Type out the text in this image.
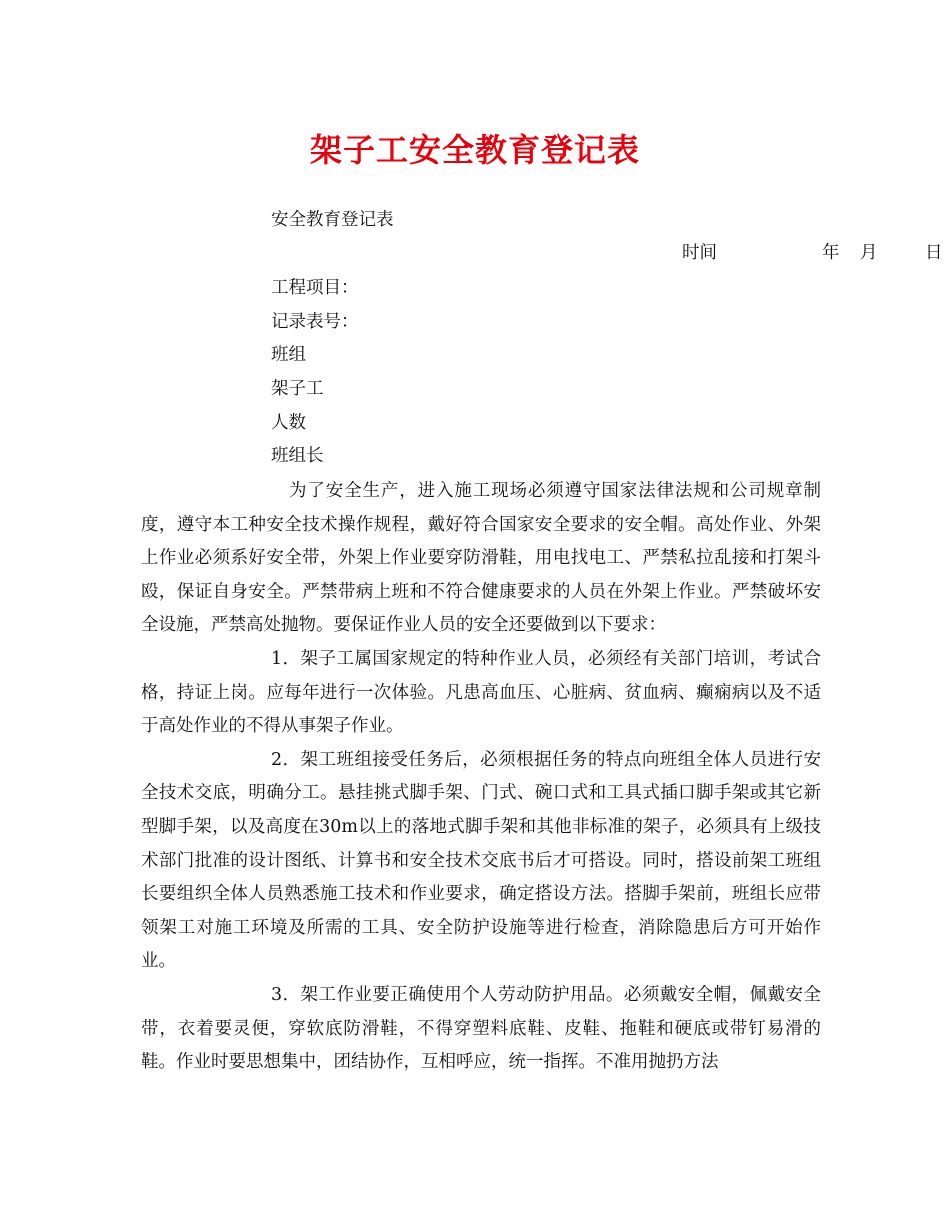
架子工安全教育登记表
安全教育登记表
时间	年 月	日
工程项目：
记录表号：
班组
架子工
人数
班组长

为了安全生产，进入施工现场必须遵守国家法律法规和公司规章制度，遵守本工种安全技术操作规程，戴好符合国家安全要求的安全帽。高处作业、外架上作业必须系好安全带，外架上作业要穿防滑鞋，用电找电工、严禁私拉乱接和打架斗殴，保证自身安全。严禁带病上班和不符合健康要求的人员在外架上作业。严禁破坏安全设施，严禁高处抛物。要保证作业人员的安全还要做到以下要求：

1．架子工属国家规定的特种作业人员，必须经有关部门培训，考试合格，持证上岗。应每年进行一次体验。凡患高血压、心脏病、贫血病、癫痫病以及不适于高处作业的不得从事架子作业。

2．架工班组接受任务后，必须根据任务的特点向班组全体人员进行安全技术交底，明确分工。悬挂挑式脚手架、门式、碗口式和工具式插口脚手架或其它新型脚手架，以及高度在30m以上的落地式脚手架和其他非标准的架子，必须具有上级技术部门批准的设计图纸、计算书和安全技术交底书后才可搭设。同时，搭设前架工班组长要组织全体人员熟悉施工技术和作业要求，确定搭设方法。搭脚手架前，班组长应带领架工对施工环境及所需的工具、安全防护设施等进行检查，消除隐患后方可开始作业。

3．架工作业要正确使用个人劳动防护用品。必须戴安全帽，佩戴安全带，衣着要灵便，穿软底防滑鞋，不得穿塑料底鞋、皮鞋、拖鞋和硬底或带钉易滑的鞋。作业时要思想集中，团结协作，互相呼应，统一指挥。不准用抛扔方法
